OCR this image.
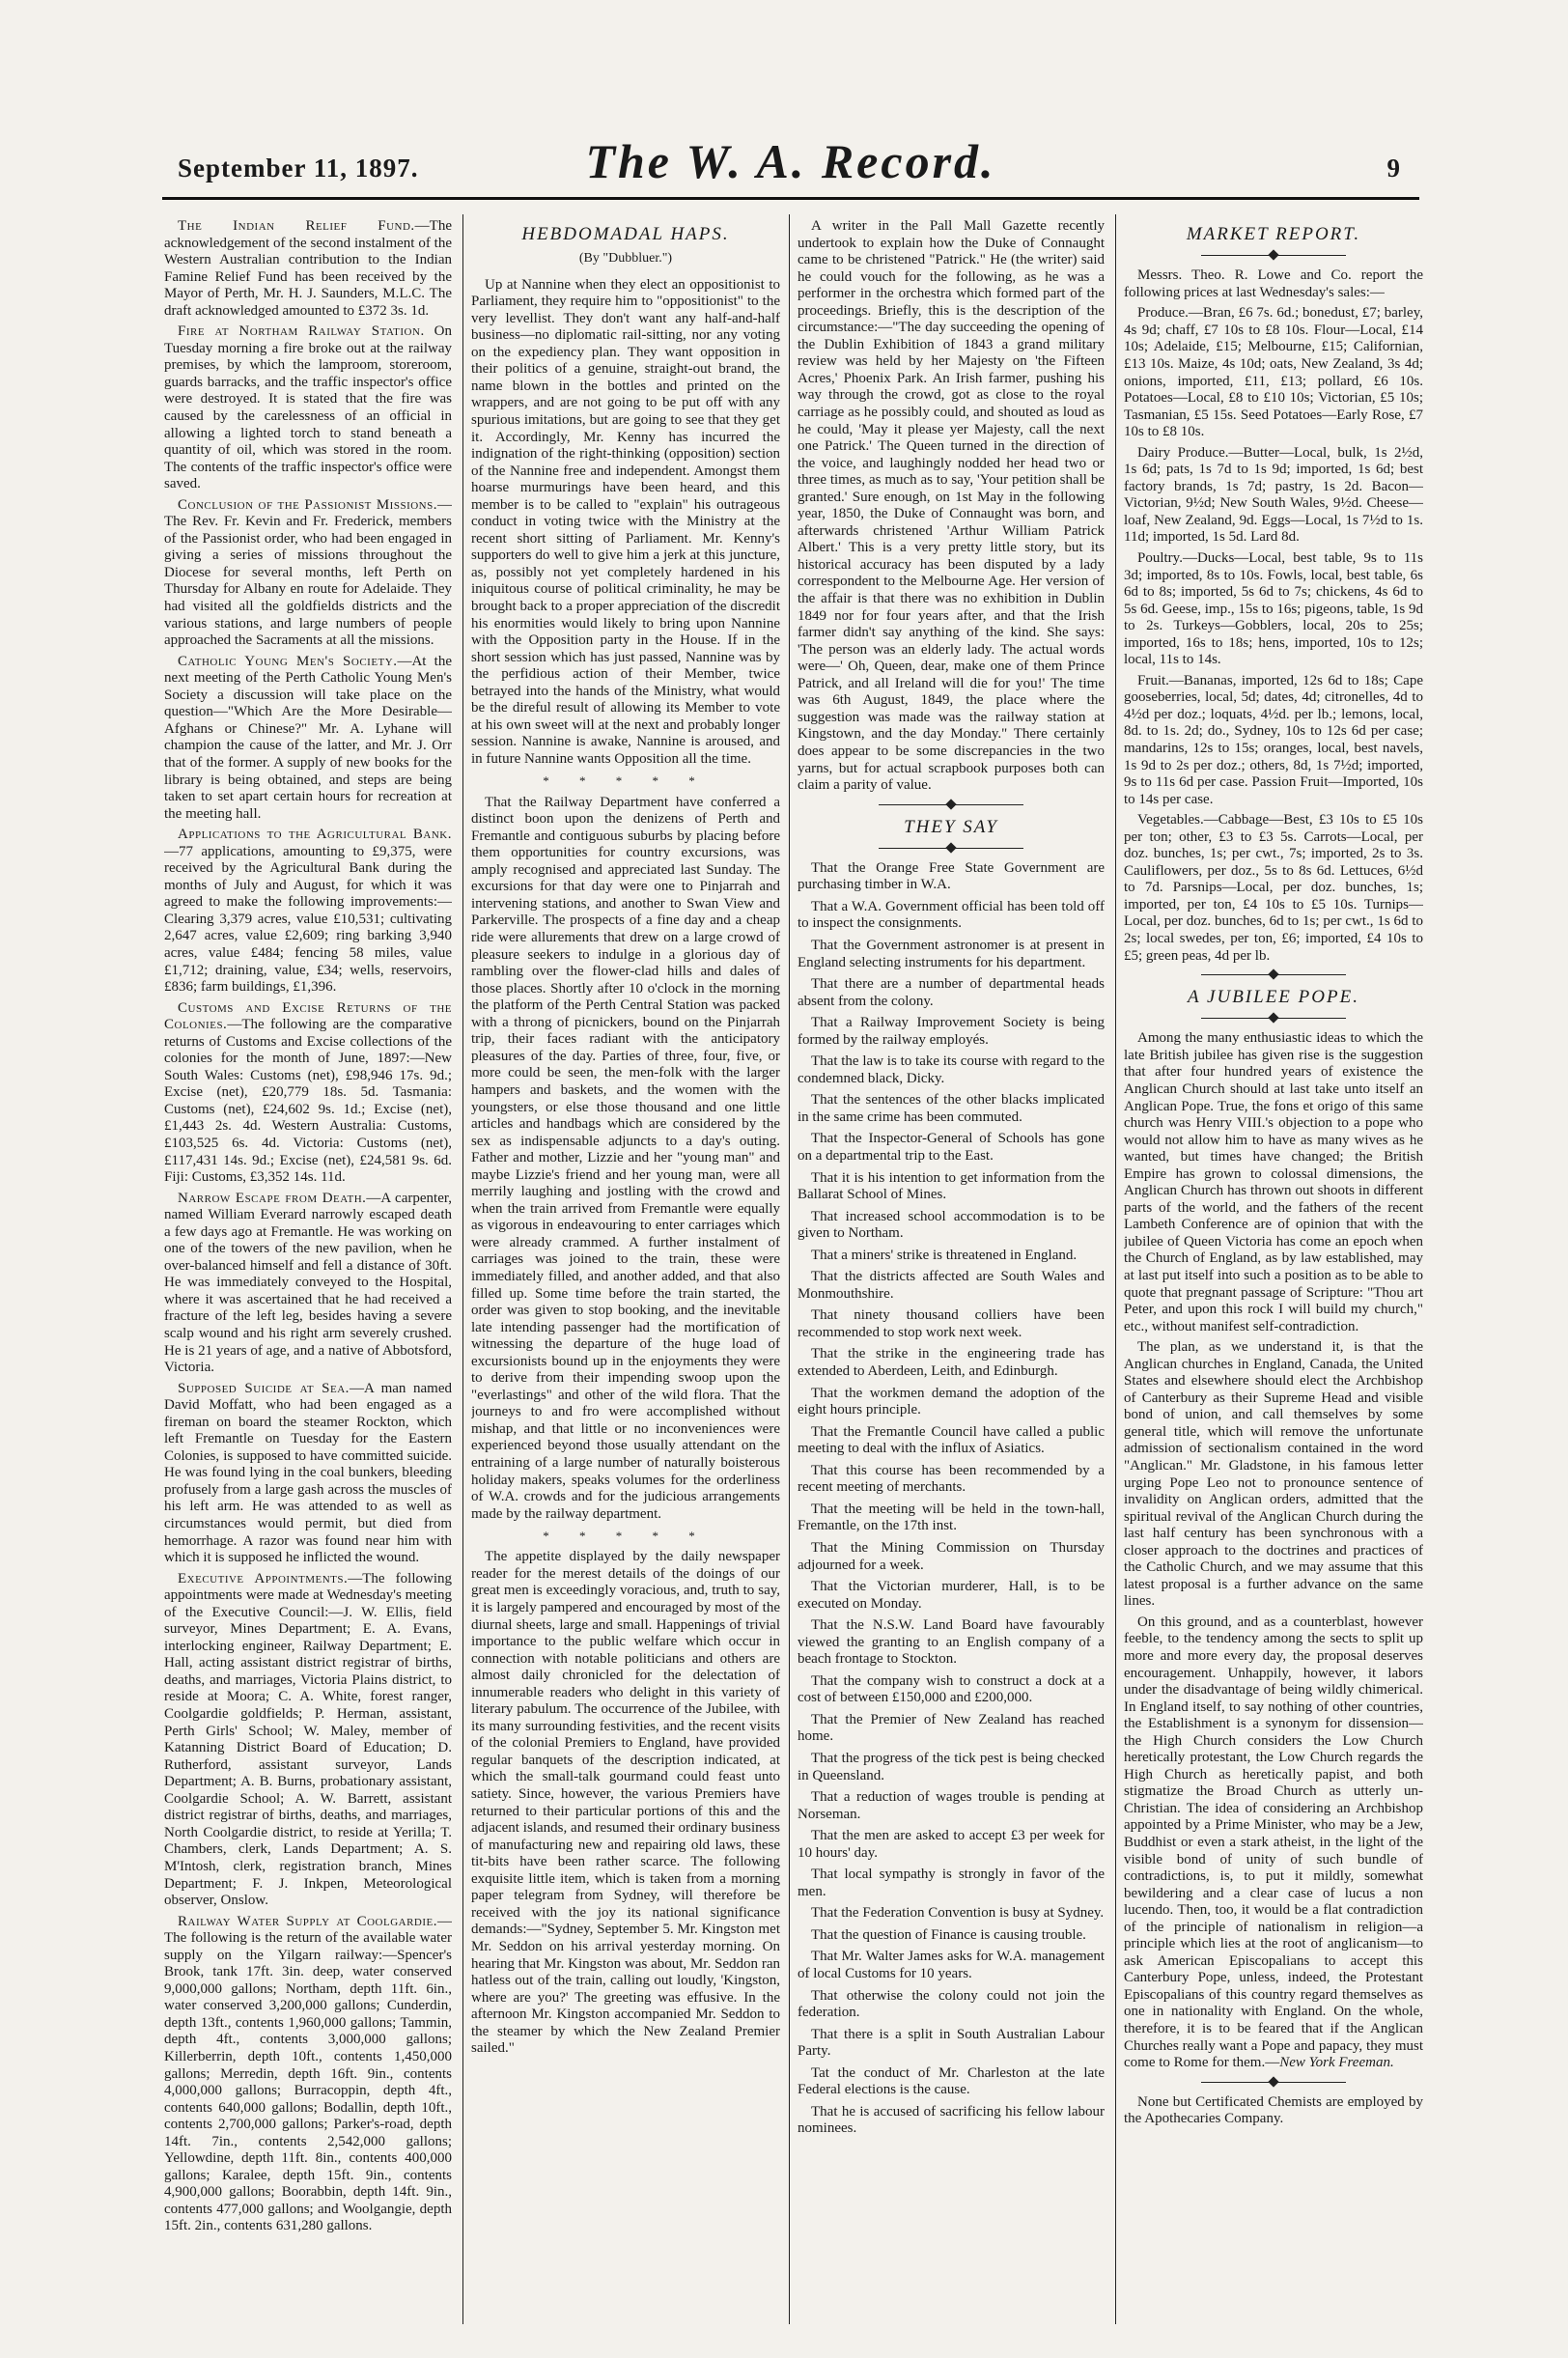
September 11, 1897.	The W. A. Record.	9

The Indian Relief Fund.—The acknowledgement of the second instalment of the Western Australian contribution to the Indian Famine Relief Fund has been received by the Mayor of Perth, Mr. H. J. Saunders, M.L.C. The draft acknowledged amounted to £372 3s. 1d.

Fire at Northam Railway Station. On Tuesday morning a fire broke out at the railway premises, by which the lamproom, storeroom, guards barracks, and the traffic inspector's office were destroyed. It is stated that the fire was caused by the carelessness of an official in allowing a lighted torch to stand beneath a quantity of oil, which was stored in the room. The contents of the traffic inspector's office were saved.

Conclusion of the Passionist Missions.—The Rev. Fr. Kevin and Fr. Frederick, members of the Passionist order, who had been engaged in giving a series of missions throughout the Diocese for several months, left Perth on Thursday for Albany en route for Adelaide. They had visited all the goldfields districts and the various stations, and large numbers of people approached the Sacraments at all the missions.

Catholic Young Men's Society.—At the next meeting of the Perth Catholic Young Men's Society a discussion will take place on the question—"Which Are the More Desirable—Afghans or Chinese?" Mr. A. Lyhane will champion the cause of the latter, and Mr. J. Orr that of the former. A supply of new books for the library is being obtained, and steps are being taken to set apart certain hours for recreation at the meeting hall.

Applications to the Agricultural Bank.—77 applications, amounting to £9,375, were received by the Agricultural Bank during the months of July and August, for which it was agreed to make the following improvements:—Clearing 3,379 acres, value £10,531; cultivating 2,647 acres, value £2,609; ring barking 3,940 acres, value £484; fencing 58 miles, value £1,712; draining, value, £34; wells, reservoirs, £836; farm buildings, £1,396.

Customs and Excise Returns of the Colonies.—The following are the comparative returns of Customs and Excise collections of the colonies for the month of June, 1897:—New South Wales: Customs (net), £98,946 17s. 9d.; Excise (net), £20,779 18s. 5d. Tasmania: Customs (net), £24,602 9s. 1d.; Excise (net), £1,443 2s. 4d. Western Australia: Customs, £103,525 6s. 4d. Victoria: Customs (net), £117,431 14s. 9d.; Excise (net), £24,581 9s. 6d. Fiji: Customs, £3,352 14s. 11d.

Narrow Escape from Death.—A carpenter, named William Everard narrowly escaped death a few days ago at Fremantle. He was working on one of the towers of the new pavilion, when he over-balanced himself and fell a distance of 30ft. He was immediately conveyed to the Hospital, where it was ascertained that he had received a fracture of the left leg, besides having a severe scalp wound and his right arm severely crushed. He is 21 years of age, and a native of Abbotsford, Victoria.

Supposed Suicide at Sea.—A man named David Moffatt, who had been engaged as a fireman on board the steamer Rockton, which left Fremantle on Tuesday for the Eastern Colonies, is supposed to have committed suicide. He was found lying in the coal bunkers, bleeding profusely from a large gash across the muscles of his left arm. He was attended to as well as circumstances would permit, but died from hemorrhage. A razor was found near him with which it is supposed he inflicted the wound.

Executive Appointments.—The following appointments were made at Wednesday's meeting of the Executive Council:—J. W. Ellis, field surveyor, Mines Department; E. A. Evans, interlocking engineer, Railway Department; E. Hall, acting assistant district registrar of births, deaths, and marriages, Victoria Plains district, to reside at Moora; C. A. White, forest ranger, Coolgardie goldfields; P. Herman, assistant, Perth Girls' School; W. Maley, member of Katanning District Board of Education; D. Rutherford, assistant surveyor, Lands Department; A. B. Burns, probationary assistant, Coolgardie School; A. W. Barrett, assistant district registrar of births, deaths, and marriages, North Coolgardie district, to reside at Yerilla; T. Chambers, clerk, Lands Department; A. S. M'Intosh, clerk, registration branch, Mines Department; F. J. Inkpen, Meteorological observer, Onslow.

Railway Water Supply at Coolgardie.—The following is the return of the available water supply on the Yilgarn railway:—Spencer's Brook, tank 17ft. 3in. deep, water conserved 9,000,000 gallons; Northam, depth 11ft. 6in., water conserved 3,200,000 gallons; Cunderdin, depth 13ft., contents 1,960,000 gallons; Tammin, depth 4ft., contents 3,000,000 gallons; Killerberrin, depth 10ft., contents 1,450,000 gallons; Merredin, depth 16ft. 9in., contents 4,000,000 gallons; Burracoppin, depth 4ft., contents 640,000 gallons; Bodallin, depth 10ft., contents 2,700,000 gallons; Parker's-road, depth 14ft. 7in., contents 2,542,000 gallons; Yellowdine, depth 11ft. 8in., contents 400,000 gallons; Karalee, depth 15ft. 9in., contents 4,900,000 gallons; Boorabbin, depth 14ft. 9in., contents 477,000 gallons; and Woolgangie, depth 15ft. 2in., contents 631,280 gallons.

HEBDOMADAL HAPS.
(By "Dubbluer.")

Up at Nannine when they elect an oppositionist to Parliament, they require him to "oppositionist" to the very levellist. They don't want any half-and-half business—no diplomatic rail-sitting, nor any voting on the expediency plan. They want opposition in their politics of a genuine, straight-out brand, the name blown in the bottles and printed on the wrappers, and are not going to be put off with any spurious imitations, but are going to see that they get it. Accordingly, Mr. Kenny has incurred the indignation of the right-thinking (opposition) section of the Nannine free and independent. Amongst them hoarse murmurings have been heard, and this member is to be called to "explain" his outrageous conduct in voting twice with the Ministry at the recent short sitting of Parliament. Mr. Kenny's supporters do well to give him a jerk at this juncture, as, possibly not yet completely hardened in his iniquitous course of political criminality, he may be brought back to a proper appreciation of the discredit his enormities would likely to bring upon Nannine with the Opposition party in the House. If in the short session which has just passed, Nannine was by the perfidious action of their Member, twice betrayed into the hands of the Ministry, what would be the direful result of allowing its Member to vote at his own sweet will at the next and probably longer session. Nannine is awake, Nannine is aroused, and in future Nannine wants Opposition all the time.

* * * * *

That the Railway Department have conferred a distinct boon upon the denizens of Perth and Fremantle and contiguous suburbs by placing before them opportunities for country excursions, was amply recognised and appreciated last Sunday. The excursions for that day were one to Pinjarrah and intervening stations, and another to Swan View and Parkerville. The prospects of a fine day and a cheap ride were allurements that drew on a large crowd of pleasure seekers to indulge in a glorious day of rambling over the flower-clad hills and dales of those places. Shortly after 10 o'clock in the morning the platform of the Perth Central Station was packed with a throng of picnickers, bound on the Pinjarrah trip, their faces radiant with the anticipatory pleasures of the day. Parties of three, four, five, or more could be seen, the men-folk with the larger hampers and baskets, and the women with the youngsters, or else those thousand and one little articles and handbags which are considered by the sex as indispensable adjuncts to a day's outing. Father and mother, Lizzie and her "young man" and maybe Lizzie's friend and her young man, were all merrily laughing and jostling with the crowd and when the train arrived from Fremantle were equally as vigorous in endeavouring to enter carriages which were already crammed. A further instalment of carriages was joined to the train, these were immediately filled, and another added, and that also filled up. Some time before the train started, the order was given to stop booking, and the inevitable late intending passenger had the mortification of witnessing the departure of the huge load of excursionists bound up in the enjoyments they were to derive from their impending swoop upon the "everlastings" and other of the wild flora. That the journeys to and fro were accomplished without mishap, and that little or no inconveniences were experienced beyond those usually attendant on the entraining of a large number of naturally boisterous holiday makers, speaks volumes for the orderliness of W.A. crowds and for the judicious arrangements made by the railway department.

* * * * *

The appetite displayed by the daily newspaper reader for the merest details of the doings of our great men is exceedingly voracious, and, truth to say, it is largely pampered and encouraged by most of the diurnal sheets, large and small. Happenings of trivial importance to the public welfare which occur in connection with notable politicians and others are almost daily chronicled for the delectation of innumerable readers who delight in this variety of literary pabulum. The occurrence of the Jubilee, with its many surrounding festivities, and the recent visits of the colonial Premiers to England, have provided regular banquets of the description indicated, at which the small-talk gourmand could feast unto satiety. Since, however, the various Premiers have returned to their particular portions of this and the adjacent islands, and resumed their ordinary business of manufacturing new and repairing old laws, these tit-bits have been rather scarce. The following exquisite little item, which is taken from a morning paper telegram from Sydney, will therefore be received with the joy its national significance demands:—"Sydney, September 5. Mr. Kingston met Mr. Seddon on his arrival yesterday morning. On hearing that Mr. Kingston was about, Mr. Seddon ran hatless out of the train, calling out loudly, 'Kingston, where are you?' The greeting was effusive. In the afternoon Mr. Kingston accompanied Mr. Seddon to the steamer by which the New Zealand Premier sailed."

A writer in the Pall Mall Gazette recently undertook to explain how the Duke of Connaught came to be christened "Patrick." He (the writer) said he could vouch for the following, as he was a performer in the orchestra which formed part of the proceedings. Briefly, this is the description of the circumstance:—"The day succeeding the opening of the Dublin Exhibition of 1843 a grand military review was held by her Majesty on 'the Fifteen Acres,' Phoenix Park. An Irish farmer, pushing his way through the crowd, got as close to the royal carriage as he possibly could, and shouted as loud as he could, 'May it please yer Majesty, call the next one Patrick.' The Queen turned in the direction of the voice, and laughingly nodded her head two or three times, as much as to say, 'Your petition shall be granted.' Sure enough, on 1st May in the following year, 1850, the Duke of Connaught was born, and afterwards christened 'Arthur William Patrick Albert.' This is a very pretty little story, but its historical accuracy has been disputed by a lady correspondent to the Melbourne Age. Her version of the affair is that there was no exhibition in Dublin 1849 nor for four years after, and that the Irish farmer didn't say anything of the kind. She says: 'The person was an elderly lady. The actual words were—' Oh, Queen, dear, make one of them Prince Patrick, and all Ireland will die for you!' The time was 6th August, 1849, the place where the suggestion was made was the railway station at Kingstown, and the day Monday." There certainly does appear to be some discrepancies in the two yarns, but for actual scrapbook purposes both can claim a parity of value.

THEY SAY

That the Orange Free State Government are purchasing timber in W.A.

That a W.A. Government official has been told off to inspect the consignments.

That the Government astronomer is at present in England selecting instruments for his department.

That there are a number of departmental heads absent from the colony.

That a Railway Improvement Society is being formed by the railway employés.

That the law is to take its course with regard to the condemned black, Dicky.

That the sentences of the other blacks implicated in the same crime has been commuted.

That the Inspector-General of Schools has gone on a departmental trip to the East.

That it is his intention to get information from the Ballarat School of Mines.

That increased school accommodation is to be given to Northam.

That a miners' strike is threatened in England.

That the districts affected are South Wales and Monmouthshire.

That ninety thousand colliers have been recommended to stop work next week.

That the strike in the engineering trade has extended to Aberdeen, Leith, and Edinburgh.

That the workmen demand the adoption of the eight hours principle.

That the Fremantle Council have called a public meeting to deal with the influx of Asiatics.

That this course has been recommended by a recent meeting of merchants.

That the meeting will be held in the town-hall, Fremantle, on the 17th inst.

That the Mining Commission on Thursday adjourned for a week.

That the Victorian murderer, Hall, is to be executed on Monday.

That the N.S.W. Land Board have favourably viewed the granting to an English company of a beach frontage to Stockton.

That the company wish to construct a dock at a cost of between £150,000 and £200,000.

That the Premier of New Zealand has reached home.

That the progress of the tick pest is being checked in Queensland.

That a reduction of wages trouble is pending at Norseman.

That the men are asked to accept £3 per week for 10 hours' day.

That local sympathy is strongly in favor of the men.

That the Federation Convention is busy at Sydney.

That the question of Finance is causing trouble.

That Mr. Walter James asks for W.A. management of local Customs for 10 years.

That otherwise the colony could not join the federation.

That there is a split in South Australian Labour Party.

Tat the conduct of Mr. Charleston at the late Federal elections is the cause.

That he is accused of sacrificing his fellow labour nominees.

MARKET REPORT.

Messrs. Theo. R. Lowe and Co. report the following prices at last Wednesday's sales:—

Produce.—Bran, £6 7s. 6d.; bonedust, £7; barley, 4s 9d; chaff, £7 10s to £8 10s. Flour—Local, £14 10s; Adelaide, £15; Melbourne, £15; Californian, £13 10s. Maize, 4s 10d; oats, New Zealand, 3s 4d; onions, imported, £11, £13; pollard, £6 10s. Potatoes—Local, £8 to £10 10s; Victorian, £5 10s; Tasmanian, £5 15s. Seed Potatoes—Early Rose, £7 10s to £8 10s.

Dairy Produce.—Butter—Local, bulk, 1s 2½d, 1s 6d; pats, 1s 7d to 1s 9d; imported, 1s 6d; best factory brands, 1s 7d; pastry, 1s 2d. Bacon—Victorian, 9½d; New South Wales, 9½d. Cheese—loaf, New Zealand, 9d. Eggs—Local, 1s 7½d to 1s. 11d; imported, 1s 5d. Lard 8d.

Poultry.—Ducks—Local, best table, 9s to 11s 3d; imported, 8s to 10s. Fowls, local, best table, 6s 6d to 8s; imported, 5s 6d to 7s; chickens, 4s 6d to 5s 6d. Geese, imp., 15s to 16s; pigeons, table, 1s 9d to 2s. Turkeys—Gobblers, local, 20s to 25s; imported, 16s to 18s; hens, imported, 10s to 12s; local, 11s to 14s.

Fruit.—Bananas, imported, 12s 6d to 18s; Cape gooseberries, local, 5d; dates, 4d; citronelles, 4d to 4½d per doz.; loquats, 4½d. per lb.; lemons, local, 8d. to 1s. 2d; do., Sydney, 10s to 12s 6d per case; mandarins, 12s to 15s; oranges, local, best navels, 1s 9d to 2s per doz.; others, 8d, 1s 7½d; imported, 9s to 11s 6d per case. Passion Fruit—Imported, 10s to 14s per case.

Vegetables.—Cabbage—Best, £3 10s to £5 10s per ton; other, £3 to £3 5s. Carrots—Local, per doz. bunches, 1s; per cwt., 7s; imported, 2s to 3s. Cauliflowers, per doz., 5s to 8s 6d. Lettuces, 6½d to 7d. Parsnips—Local, per doz. bunches, 1s; imported, per ton, £4 10s to £5 10s. Turnips—Local, per doz. bunches, 6d to 1s; per cwt., 1s 6d to 2s; local swedes, per ton, £6; imported, £4 10s to £5; green peas, 4d per lb.

A JUBILEE POPE.

Among the many enthusiastic ideas to which the late British jubilee has given rise is the suggestion that after four hundred years of existence the Anglican Church should at last take unto itself an Anglican Pope. True, the fons et origo of this same church was Henry VIII.'s objection to a pope who would not allow him to have as many wives as he wanted, but times have changed; the British Empire has grown to colossal dimensions, the Anglican Church has thrown out shoots in different parts of the world, and the fathers of the recent Lambeth Conference are of opinion that with the jubilee of Queen Victoria has come an epoch when the Church of England, as by law established, may at last put itself into such a position as to be able to quote that pregnant passage of Scripture: "Thou art Peter, and upon this rock I will build my church," etc., without manifest self-contradiction.

The plan, as we understand it, is that the Anglican churches in England, Canada, the United States and elsewhere should elect the Archbishop of Canterbury as their Supreme Head and visible bond of union, and call themselves by some general title, which will remove the unfortunate admission of sectionalism contained in the word "Anglican." Mr. Gladstone, in his famous letter urging Pope Leo not to pronounce sentence of invalidity on Anglican orders, admitted that the spiritual revival of the Anglican Church during the last half century has been synchronous with a closer approach to the doctrines and practices of the Catholic Church, and we may assume that this latest proposal is a further advance on the same lines.

On this ground, and as a counterblast, however feeble, to the tendency among the sects to split up more and more every day, the proposal deserves encouragement. Unhappily, however, it labors under the disadvantage of being wildly chimerical. In England itself, to say nothing of other countries, the Establishment is a synonym for dissension—the High Church considers the Low Church heretically protestant, the Low Church regards the High Church as heretically papist, and both stigmatize the Broad Church as utterly un-Christian. The idea of considering an Archbishop appointed by a Prime Minister, who may be a Jew, Buddhist or even a stark atheist, in the light of the visible bond of unity of such bundle of contradictions, is, to put it mildly, somewhat bewildering and a clear case of lucus a non lucendo. Then, too, it would be a flat contradiction of the principle of nationalism in religion—a principle which lies at the root of anglicanism—to ask American Episcopalians to accept this Canterbury Pope, unless, indeed, the Protestant Episcopalians of this country regard themselves as one in nationality with England. On the whole, therefore, it is to be feared that if the Anglican Churches really want a Pope and papacy, they must come to Rome for them.—New York Freeman.

None but Certificated Chemists are employed by the Apothecaries Company.
